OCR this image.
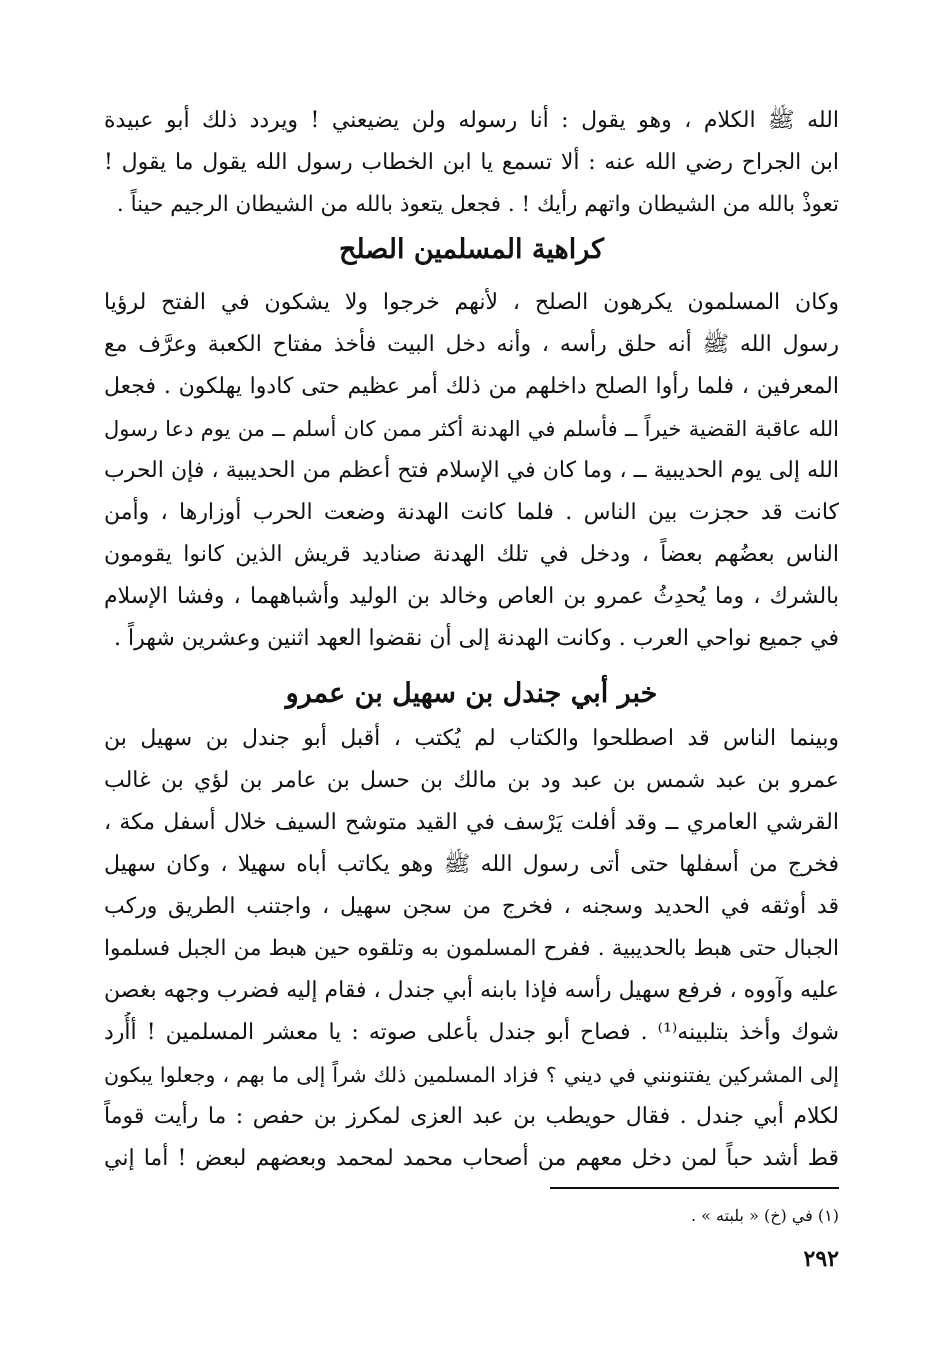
الله ﷺ الكلام ، وهو يقول : أنا رسوله ولن يضيعني ! ويردد ذلك أبو عبيدة
ابن الجراح رضي الله عنه : ألا تسمع يا ابن الخطاب رسول الله يقول ما يقول !
تعوذْ بالله من الشيطان واتهم رأيك ! . فجعل يتعوذ بالله من الشيطان الرجيم حيناً .
كراهية المسلمين الصلح
وكان المسلمون يكرهون الصلح ، لأنهم خرجوا ولا يشكون في الفتح لرؤيا
رسول الله ﷺ أنه حلق رأسه ، وأنه دخل البيت فأخذ مفتاح الكعبة وعرَّف مع
المعرفين ، فلما رأوا الصلح داخلهم من ذلك أمر عظيم حتى كادوا يهلكون . فجعل
الله عاقبة القضية خيراً ــ فأسلم في الهدنة أكثر ممن كان أسلم ــ من يوم دعا رسول
الله إلى يوم الحديبية ــ ، وما كان في الإسلام فتح أعظم من الحديبية ، فإن الحرب
كانت قد حجزت بين الناس . فلما كانت الهدنة وضعت الحرب أوزارها ، وأمن
الناس بعضُهم بعضاً ، ودخل في تلك الهدنة صناديد قريش الذين كانوا يقومون
بالشرك ، وما يُحدِثُ عمرو بن العاص وخالد بن الوليد وأشباههما ، وفشا الإسلام
في جميع نواحي العرب . وكانت الهدنة إلى أن نقضوا العهد اثنين وعشرين شهراً .
خبر أبي جندل بن سهيل بن عمرو
وبينما الناس قد اصطلحوا والكتاب لم يُكتب ، أقبل أبو جندل بن سهيل بن
عمرو بن عبد شمس بن عبد ود بن مالك بن حسل بن عامر بن لؤي بن غالب
القرشي العامري ــ وقد أفلت يَرْسف في القيد متوشح السيف خلال أسفل مكة ،
فخرج من أسفلها حتى أتى رسول الله ﷺ وهو يكاتب أباه سهيلا ، وكان سهيل
قد أوثقه في الحديد وسجنه ، فخرج من سجن سهيل ، واجتنب الطريق وركب
الجبال حتى هبط بالحديبية . ففرح المسلمون به وتلقوه حين هبط من الجبل فسلموا
عليه وآووه ، فرفع سهيل رأسه فإذا بابنه أبي جندل ، فقام إليه فضرب وجهه بغصن
شوك وأخذ بتلبينه⁽¹⁾ . فصاح أبو جندل بأعلى صوته : يا معشر المسلمين ! أأُرد
إلى المشركين يفتنونني في ديني ؟ فزاد المسلمين ذلك شراً إلى ما بهم ، وجعلوا يبكون
لكلام أبي جندل . فقال حويطب بن عبد العزى لمكرز بن حفص : ما رأيت قوماً
قط أشد حباً لمن دخل معهم من أصحاب محمد لمحمد وبعضهم لبعض ! أما إني
(١) في (خ) « بلبته » .
٢٩٢
